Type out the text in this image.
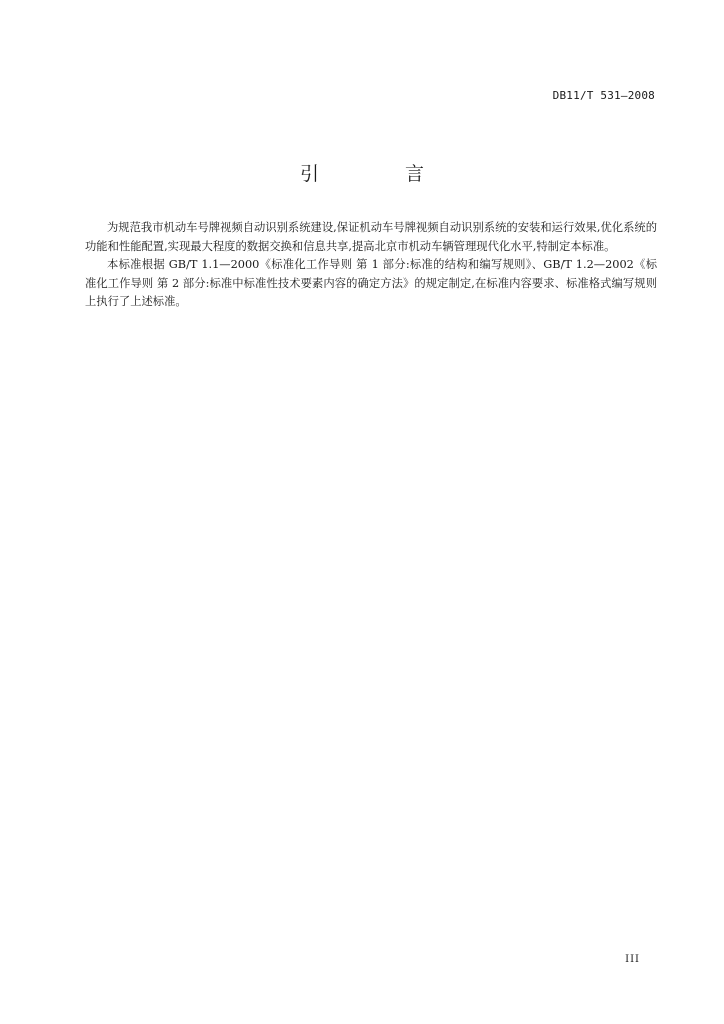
DB11/T 531—2008
引 言

为规范我市机动车号牌视频自动识别系统建设,保证机动车号牌视频自动识别系统的安装和运行效果,优化系统的功能和性能配置,实现最大程度的数据交换和信息共享,提高北京市机动车辆管理现代化水平,特制定本标准。

本标准根据 GB/T 1.1—2000《标准化工作导则 第 1 部分:标准的结构和编写规则》、GB/T 1.2—2002《标准化工作导则 第 2 部分:标准中标准性技术要素内容的确定方法》的规定制定,在标准内容要求、标准格式编写规则上执行了上述标准。

III
